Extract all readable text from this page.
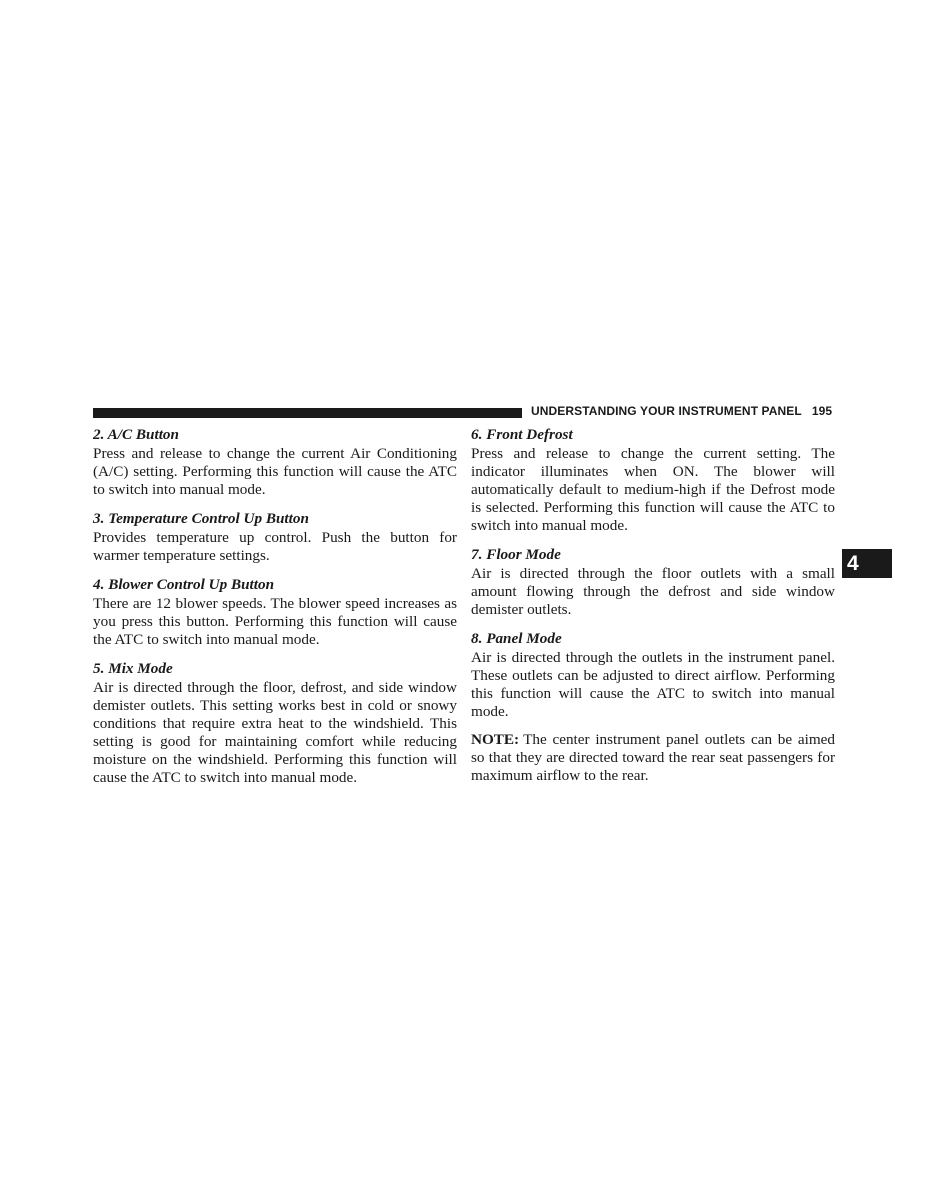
UNDERSTANDING YOUR INSTRUMENT PANEL 195
4
2. A/C Button

Press and release to change the current Air Conditioning (A/C) setting. Performing this function will cause the ATC to switch into manual mode.

3. Temperature Control Up Button

Provides temperature up control. Push the button for warmer temperature settings.

4. Blower Control Up Button

There are 12 blower speeds. The blower speed increases as you press this button. Performing this function will cause the ATC to switch into manual mode.

5. Mix Mode

Air is directed through the floor, defrost, and side window demister outlets. This setting works best in cold or snowy conditions that require extra heat to the windshield. This setting is good for maintaining comfort while reducing moisture on the windshield. Performing this function will cause the ATC to switch into manual mode.

6. Front Defrost

Press and release to change the current setting. The indicator illuminates when ON. The blower will automatically default to medium-high if the Defrost mode is selected. Performing this function will cause the ATC to switch into manual mode.

7. Floor Mode

Air is directed through the floor outlets with a small amount flowing through the defrost and side window demister outlets.

8. Panel Mode

Air is directed through the outlets in the instrument panel. These outlets can be adjusted to direct airflow. Performing this function will cause the ATC to switch into manual mode.

NOTE: The center instrument panel outlets can be aimed so that they are directed toward the rear seat passengers for maximum airflow to the rear.
